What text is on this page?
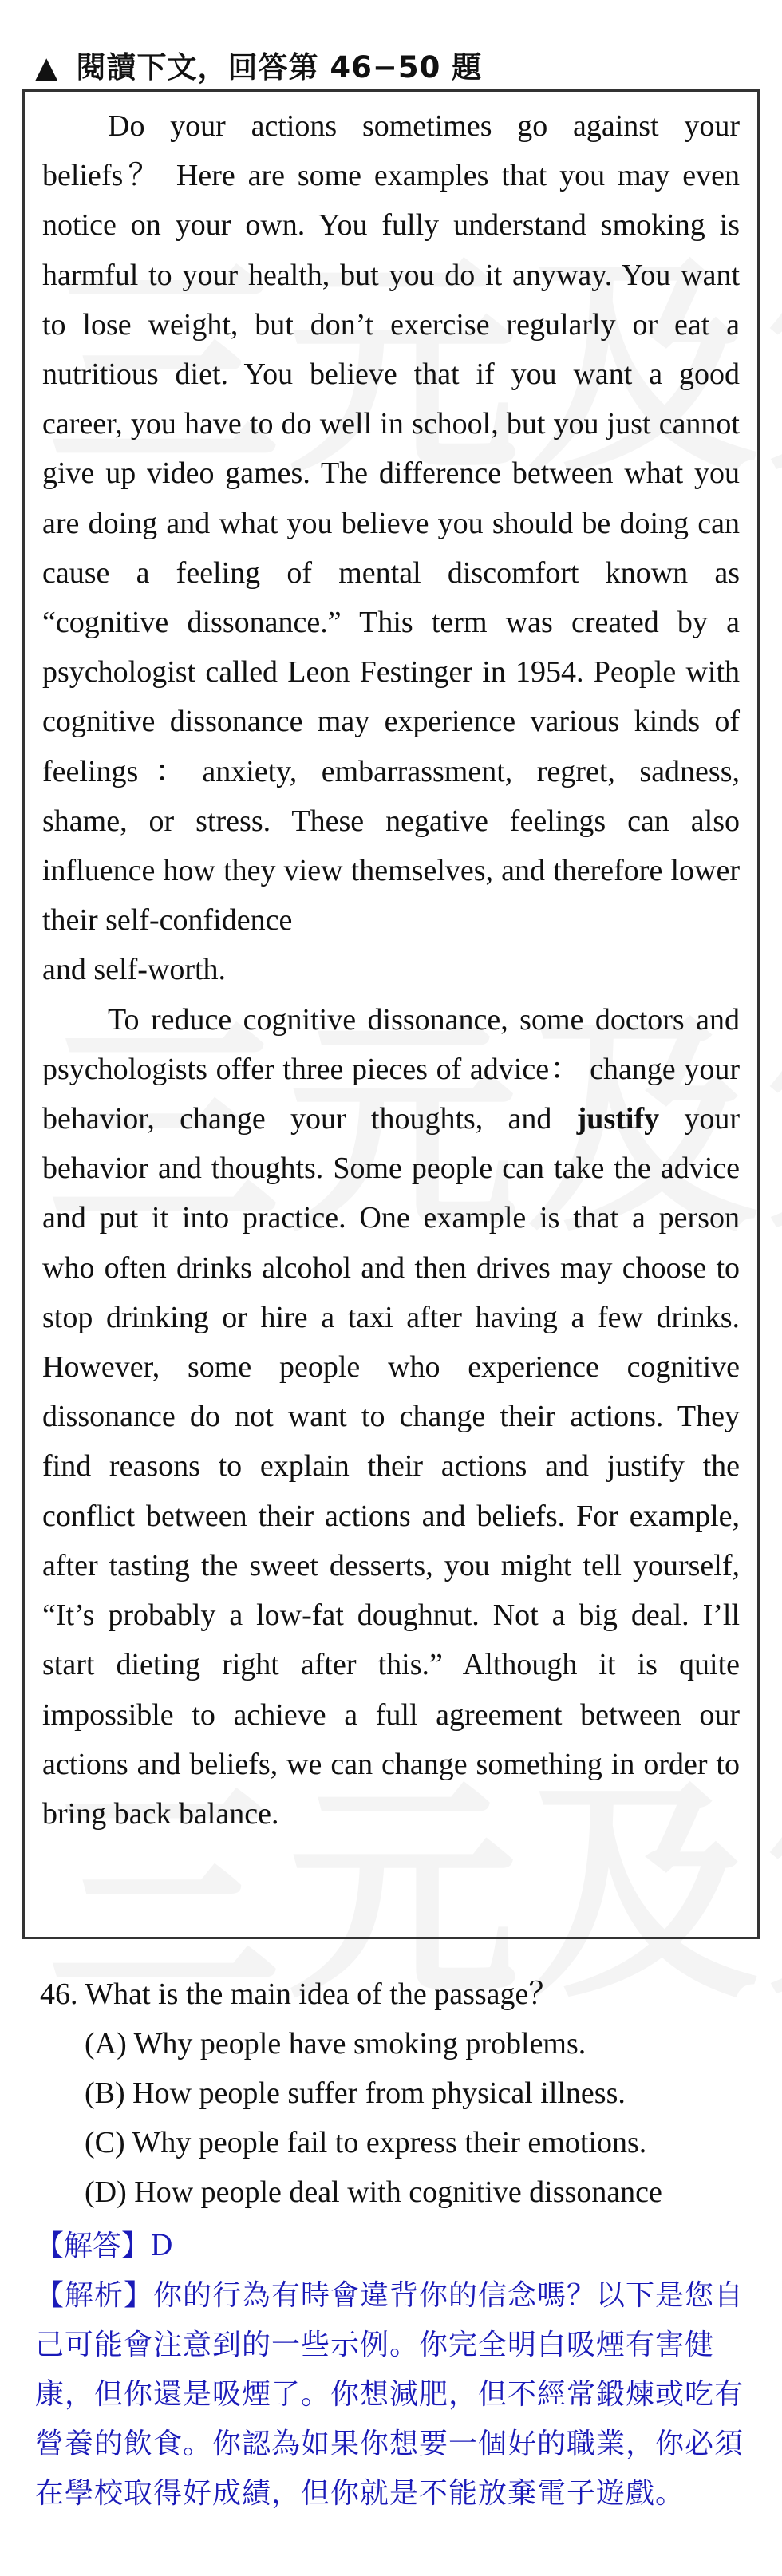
▲ 閱讀下文，回答第 46−50 題

Do your actions sometimes go against your beliefs？ Here are some examples that you may even notice on your own. You fully understand smoking is harmful to your health, but you do it anyway. You want to lose weight, but don’t exercise regularly or eat a nutritious diet. You believe that if you want a good career, you have to do well in school, but you just cannot give up video games. The difference between what you are doing and what you believe you should be doing can cause a feeling of mental discomfort known as “cognitive dissonance.” This term was created by a psychologist called Leon Festinger in 1954. People with cognitive dissonance may experience various kinds of feelings：anxiety, embarrassment, regret, sadness, shame, or stress. These negative feelings can also influence how they view themselves, and therefore lower their self-confidence

and self-worth.

To reduce cognitive dissonance, some doctors and psychologists offer three pieces of advice： change your behavior, change your thoughts, and justify your behavior and thoughts. Some people can take the advice and put it into practice. One example is that a person who often drinks alcohol and then drives may choose to stop drinking or hire a taxi after having a few drinks. However, some people who experience cognitive dissonance do not want to change their actions. They find reasons to explain their actions and justify the conflict between their actions and beliefs. For example, after tasting the sweet desserts, you might tell yourself, “It’s probably a low-fat doughnut. Not a big deal. I’ll start dieting right after this.” Although it is quite impossible to achieve a full agreement between our actions and beliefs, we can change something in order to bring back balance.

46. What is the main idea of the passage？

(A) Why people have smoking problems.

(B) How people suffer from physical illness.

(C) Why people fail to express their emotions.

(D) How people deal with cognitive dissonance

【解答】D
【解析】你的行為有時會違背你的信念嗎？以下是您自己可能會注意到的一些示例。你完全明白吸煙有害健康，但你還是吸煙了。你想減肥，但不經常鍛煉或吃有營養的飲食。你認為如果你想要一個好的職業，你必須在學校取得好成績，但你就是不能放棄電子遊戲。
